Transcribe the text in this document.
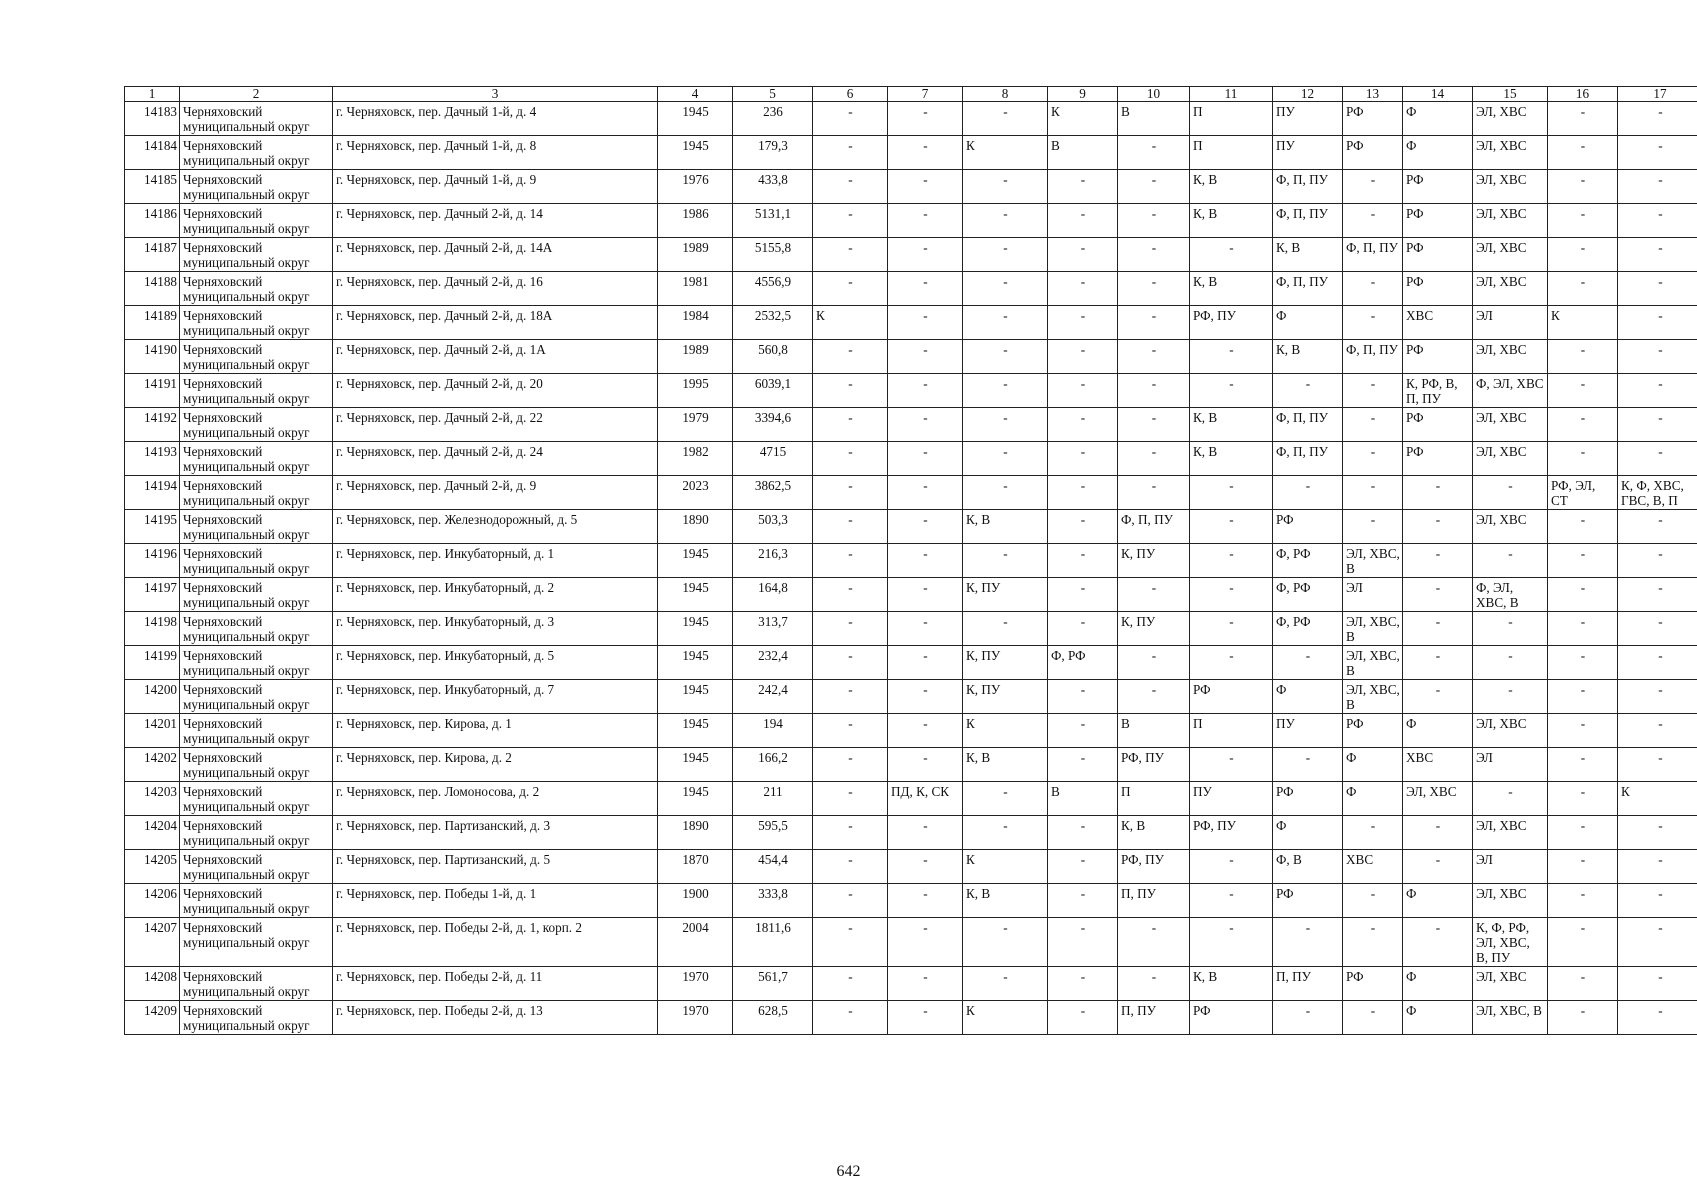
1	2	3	4	5	6	7	8	9	10	11	12	13	14	15	16	17
14183	Черняховский муниципальный округ	г. Черняховск, пер. Дачный 1-й, д. 4	1945	236	-	-	-	К	В	П	ПУ	РФ	Ф	ЭЛ, ХВС	-	-
14184	Черняховский муниципальный округ	г. Черняховск, пер. Дачный 1-й, д. 8	1945	179,3	-	-	К	В	-	П	ПУ	РФ	Ф	ЭЛ, ХВС	-	-
14185	Черняховский муниципальный округ	г. Черняховск, пер. Дачный 1-й, д. 9	1976	433,8	-	-	-	-	-	К, В	Ф, П, ПУ	-	РФ	ЭЛ, ХВС	-	-
14186	Черняховский муниципальный округ	г. Черняховск, пер. Дачный 2-й, д. 14	1986	5131,1	-	-	-	-	-	К, В	Ф, П, ПУ	-	РФ	ЭЛ, ХВС	-	-
14187	Черняховский муниципальный округ	г. Черняховск, пер. Дачный 2-й, д. 14А	1989	5155,8	-	-	-	-	-	-	К, В	Ф, П, ПУ	РФ	ЭЛ, ХВС	-	-
14188	Черняховский муниципальный округ	г. Черняховск, пер. Дачный 2-й, д. 16	1981	4556,9	-	-	-	-	-	К, В	Ф, П, ПУ	-	РФ	ЭЛ, ХВС	-	-
14189	Черняховский муниципальный округ	г. Черняховск, пер. Дачный 2-й, д. 18А	1984	2532,5	К	-	-	-	-	РФ, ПУ	Ф	-	ХВС	ЭЛ	К	-
14190	Черняховский муниципальный округ	г. Черняховск, пер. Дачный 2-й, д. 1А	1989	560,8	-	-	-	-	-	-	К, В	Ф, П, ПУ	РФ	ЭЛ, ХВС	-	-
14191	Черняховский муниципальный округ	г. Черняховск, пер. Дачный 2-й, д. 20	1995	6039,1	-	-	-	-	-	-	-	-	К, РФ, В, П, ПУ	Ф, ЭЛ, ХВС	-	-
14192	Черняховский муниципальный округ	г. Черняховск, пер. Дачный 2-й, д. 22	1979	3394,6	-	-	-	-	-	К, В	Ф, П, ПУ	-	РФ	ЭЛ, ХВС	-	-
14193	Черняховский муниципальный округ	г. Черняховск, пер. Дачный 2-й, д. 24	1982	4715	-	-	-	-	-	К, В	Ф, П, ПУ	-	РФ	ЭЛ, ХВС	-	-
14194	Черняховский муниципальный округ	г. Черняховск, пер. Дачный 2-й, д. 9	2023	3862,5	-	-	-	-	-	-	-	-	-	-	РФ, ЭЛ, СТ	К, Ф, ХВС, ГВС, В, П
14195	Черняховский муниципальный округ	г. Черняховск, пер. Железнодорожный, д. 5	1890	503,3	-	-	К, В	-	Ф, П, ПУ	-	РФ	-	-	ЭЛ, ХВС	-	-
14196	Черняховский муниципальный округ	г. Черняховск, пер. Инкубаторный, д. 1	1945	216,3	-	-	-	-	К, ПУ	-	Ф, РФ	ЭЛ, ХВС, В	-	-	-	-
14197	Черняховский муниципальный округ	г. Черняховск, пер. Инкубаторный, д. 2	1945	164,8	-	-	К, ПУ	-	-	-	Ф, РФ	ЭЛ	-	Ф, ЭЛ, ХВС, В	-	-
14198	Черняховский муниципальный округ	г. Черняховск, пер. Инкубаторный, д. 3	1945	313,7	-	-	-	-	К, ПУ	-	Ф, РФ	ЭЛ, ХВС, В	-	-	-	-
14199	Черняховский муниципальный округ	г. Черняховск, пер. Инкубаторный, д. 5	1945	232,4	-	-	К, ПУ	Ф, РФ	-	-	-	ЭЛ, ХВС, В	-	-	-	-
14200	Черняховский муниципальный округ	г. Черняховск, пер. Инкубаторный, д. 7	1945	242,4	-	-	К, ПУ	-	-	РФ	Ф	ЭЛ, ХВС, В	-	-	-	-
14201	Черняховский муниципальный округ	г. Черняховск, пер. Кирова, д. 1	1945	194	-	-	К	-	В	П	ПУ	РФ	Ф	ЭЛ, ХВС	-	-
14202	Черняховский муниципальный округ	г. Черняховск, пер. Кирова, д. 2	1945	166,2	-	-	К, В	-	РФ, ПУ	-	-	Ф	ХВС	ЭЛ	-	-
14203	Черняховский муниципальный округ	г. Черняховск, пер. Ломоносова, д. 2	1945	211	-	ПД, К, СК	-	В	П	ПУ	РФ	Ф	ЭЛ, ХВС	-	-	К
14204	Черняховский муниципальный округ	г. Черняховск, пер. Партизанский, д. 3	1890	595,5	-	-	-	-	К, В	РФ, ПУ	Ф	-	-	ЭЛ, ХВС	-	-
14205	Черняховский муниципальный округ	г. Черняховск, пер. Партизанский, д. 5	1870	454,4	-	-	К	-	РФ, ПУ	-	Ф, В	ХВС	-	ЭЛ	-	-
14206	Черняховский муниципальный округ	г. Черняховск, пер. Победы 1-й, д. 1	1900	333,8	-	-	К, В	-	П, ПУ	-	РФ	-	Ф	ЭЛ, ХВС	-	-
14207	Черняховский муниципальный округ	г. Черняховск, пер. Победы 2-й, д. 1, корп. 2	2004	1811,6	-	-	-	-	-	-	-	-	-	К, Ф, РФ, ЭЛ, ХВС, В, ПУ	-	-
14208	Черняховский муниципальный округ	г. Черняховск, пер. Победы 2-й, д. 11	1970	561,7	-	-	-	-	-	К, В	П, ПУ	РФ	Ф	ЭЛ, ХВС	-	-
14209	Черняховский муниципальный округ	г. Черняховск, пер. Победы 2-й, д. 13	1970	628,5	-	-	К	-	П, ПУ	РФ	-	-	Ф	ЭЛ, ХВС, В	-	-
642
